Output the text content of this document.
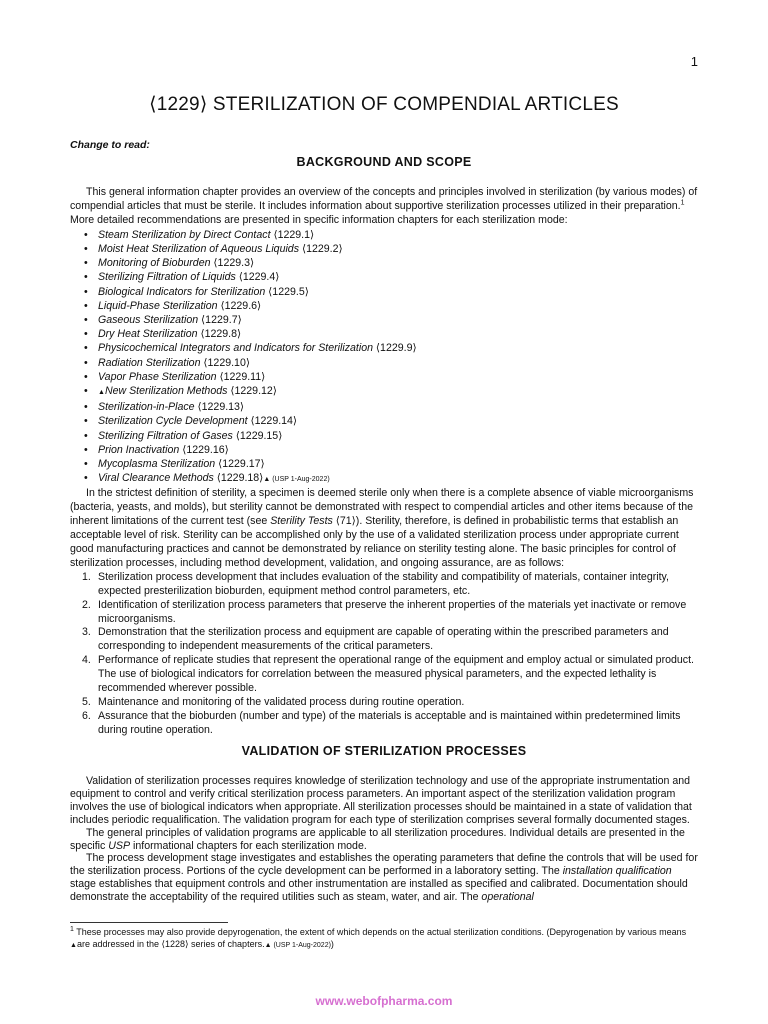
1
⟨1229⟩ STERILIZATION OF COMPENDIAL ARTICLES
Change to read:
BACKGROUND AND SCOPE

This general information chapter provides an overview of the concepts and principles involved in sterilization (by various modes) of compendial articles that must be sterile. It includes information about supportive sterilization processes utilized in their preparation.$^1$ More detailed recommendations are presented in specific information chapters for each sterilization mode:

• Steam Sterilization by Direct Contact ⟨1229.1⟩
• Moist Heat Sterilization of Aqueous Liquids ⟨1229.2⟩
• Monitoring of Bioburden ⟨1229.3⟩
• Sterilizing Filtration of Liquids ⟨1229.4⟩
• Biological Indicators for Sterilization ⟨1229.5⟩
• Liquid-Phase Sterilization ⟨1229.6⟩
• Gaseous Sterilization ⟨1229.7⟩
• Dry Heat Sterilization ⟨1229.8⟩
• Physicochemical Integrators and Indicators for Sterilization ⟨1229.9⟩
• Radiation Sterilization ⟨1229.10⟩
• Vapor Phase Sterilization ⟨1229.11⟩
• ▲New Sterilization Methods ⟨1229.12⟩
• Sterilization-in-Place ⟨1229.13⟩
• Sterilization Cycle Development ⟨1229.14⟩
• Sterilizing Filtration of Gases ⟨1229.15⟩
• Prion Inactivation ⟨1229.16⟩
• Mycoplasma Sterilization ⟨1229.17⟩
• Viral Clearance Methods ⟨1229.18⟩▲ (USP 1-Aug-2022)

In the strictest definition of sterility, a specimen is deemed sterile only when there is a complete absence of viable microorganisms (bacteria, yeasts, and molds), but sterility cannot be demonstrated with respect to compendial articles and other items because of the inherent limitations of the current test (see Sterility Tests ⟨71⟩). Sterility, therefore, is defined in probabilistic terms that establish an acceptable level of risk. Sterility can be accomplished only by the use of a validated sterilization process under appropriate current good manufacturing practices and cannot be demonstrated by reliance on sterility testing alone. The basic principles for control of sterilization processes, including method development, validation, and ongoing assurance, are as follows:

1. Sterilization process development that includes evaluation of the stability and compatibility of materials, container integrity, expected presterilization bioburden, equipment method control parameters, etc.
2. Identification of sterilization process parameters that preserve the inherent properties of the materials yet inactivate or remove microorganisms.
3. Demonstration that the sterilization process and equipment are capable of operating within the prescribed parameters and corresponding to independent measurements of the critical parameters.
4. Performance of replicate studies that represent the operational range of the equipment and employ actual or simulated product. The use of biological indicators for correlation between the measured physical parameters, and the expected lethality is recommended wherever possible.
5. Maintenance and monitoring of the validated process during routine operation.
6. Assurance that the bioburden (number and type) of the materials is acceptable and is maintained within predetermined limits during routine operation.
VALIDATION OF STERILIZATION PROCESSES

Validation of sterilization processes requires knowledge of sterilization technology and use of the appropriate instrumentation and equipment to control and verify critical sterilization process parameters. An important aspect of the sterilization validation program involves the use of biological indicators when appropriate. All sterilization processes should be maintained in a state of validation that includes periodic requalification. The validation program for each type of sterilization comprises several formally documented stages.

The general principles of validation programs are applicable to all sterilization procedures. Individual details are presented in the specific USP informational chapters for each sterilization mode.

The process development stage investigates and establishes the operating parameters that define the controls that will be used for the sterilization process. Portions of the cycle development can be performed in a laboratory setting. The installation qualification stage establishes that equipment controls and other instrumentation are installed as specified and calibrated. Documentation should demonstrate the acceptability of the required utilities such as steam, water, and air. The operational

$^1$ These processes may also provide depyrogenation, the extent of which depends on the actual sterilization conditions. (Depyrogenation by various means ▲are addressed in the ⟨1228⟩ series of chapters.▲ (USP 1-Aug-2022))
www.webofpharma.com
